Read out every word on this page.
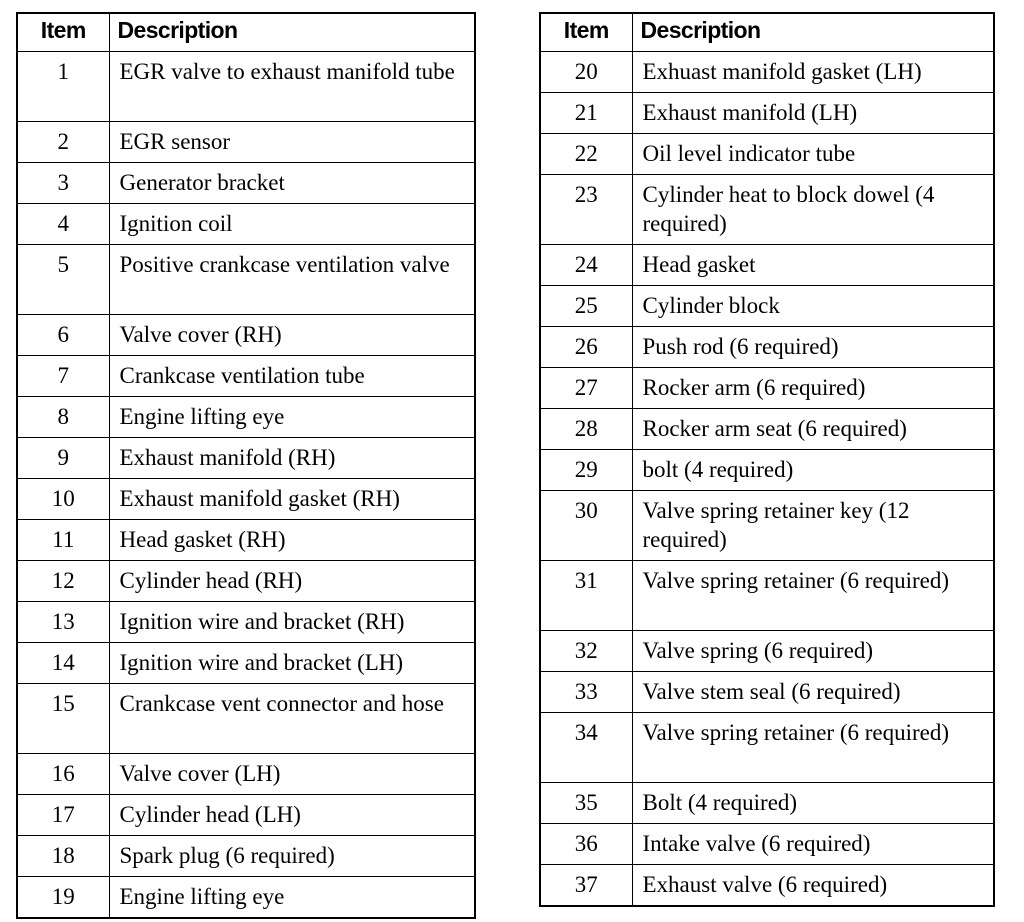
Item	Description
1	EGR valve to exhaust manifold tube
2	EGR sensor
3	Generator bracket
4	Ignition coil
5	Positive crankcase ventilation valve
6	Valve cover (RH)
7	Crankcase ventilation tube
8	Engine lifting eye
9	Exhaust manifold (RH)
10	Exhaust manifold gasket (RH)
11	Head gasket (RH)
12	Cylinder head (RH)
13	Ignition wire and bracket (RH)
14	Ignition wire and bracket (LH)
15	Crankcase vent connector and hose
16	Valve cover (LH)
17	Cylinder head (LH)
18	Spark plug (6 required)
19	Engine lifting eye
Item	Description
20	Exhuast manifold gasket (LH)
21	Exhaust manifold (LH)
22	Oil level indicator tube
23	Cylinder heat to block dowel (4 required)
24	Head gasket
25	Cylinder block
26	Push rod (6 required)
27	Rocker arm (6 required)
28	Rocker arm seat (6 required)
29	bolt (4 required)
30	Valve spring retainer key (12 required)
31	Valve spring retainer (6 required)
32	Valve spring (6 required)
33	Valve stem seal (6 required)
34	Valve spring retainer (6 required)
35	Bolt (4 required)
36	Intake valve (6 required)
37	Exhaust valve (6 required)
